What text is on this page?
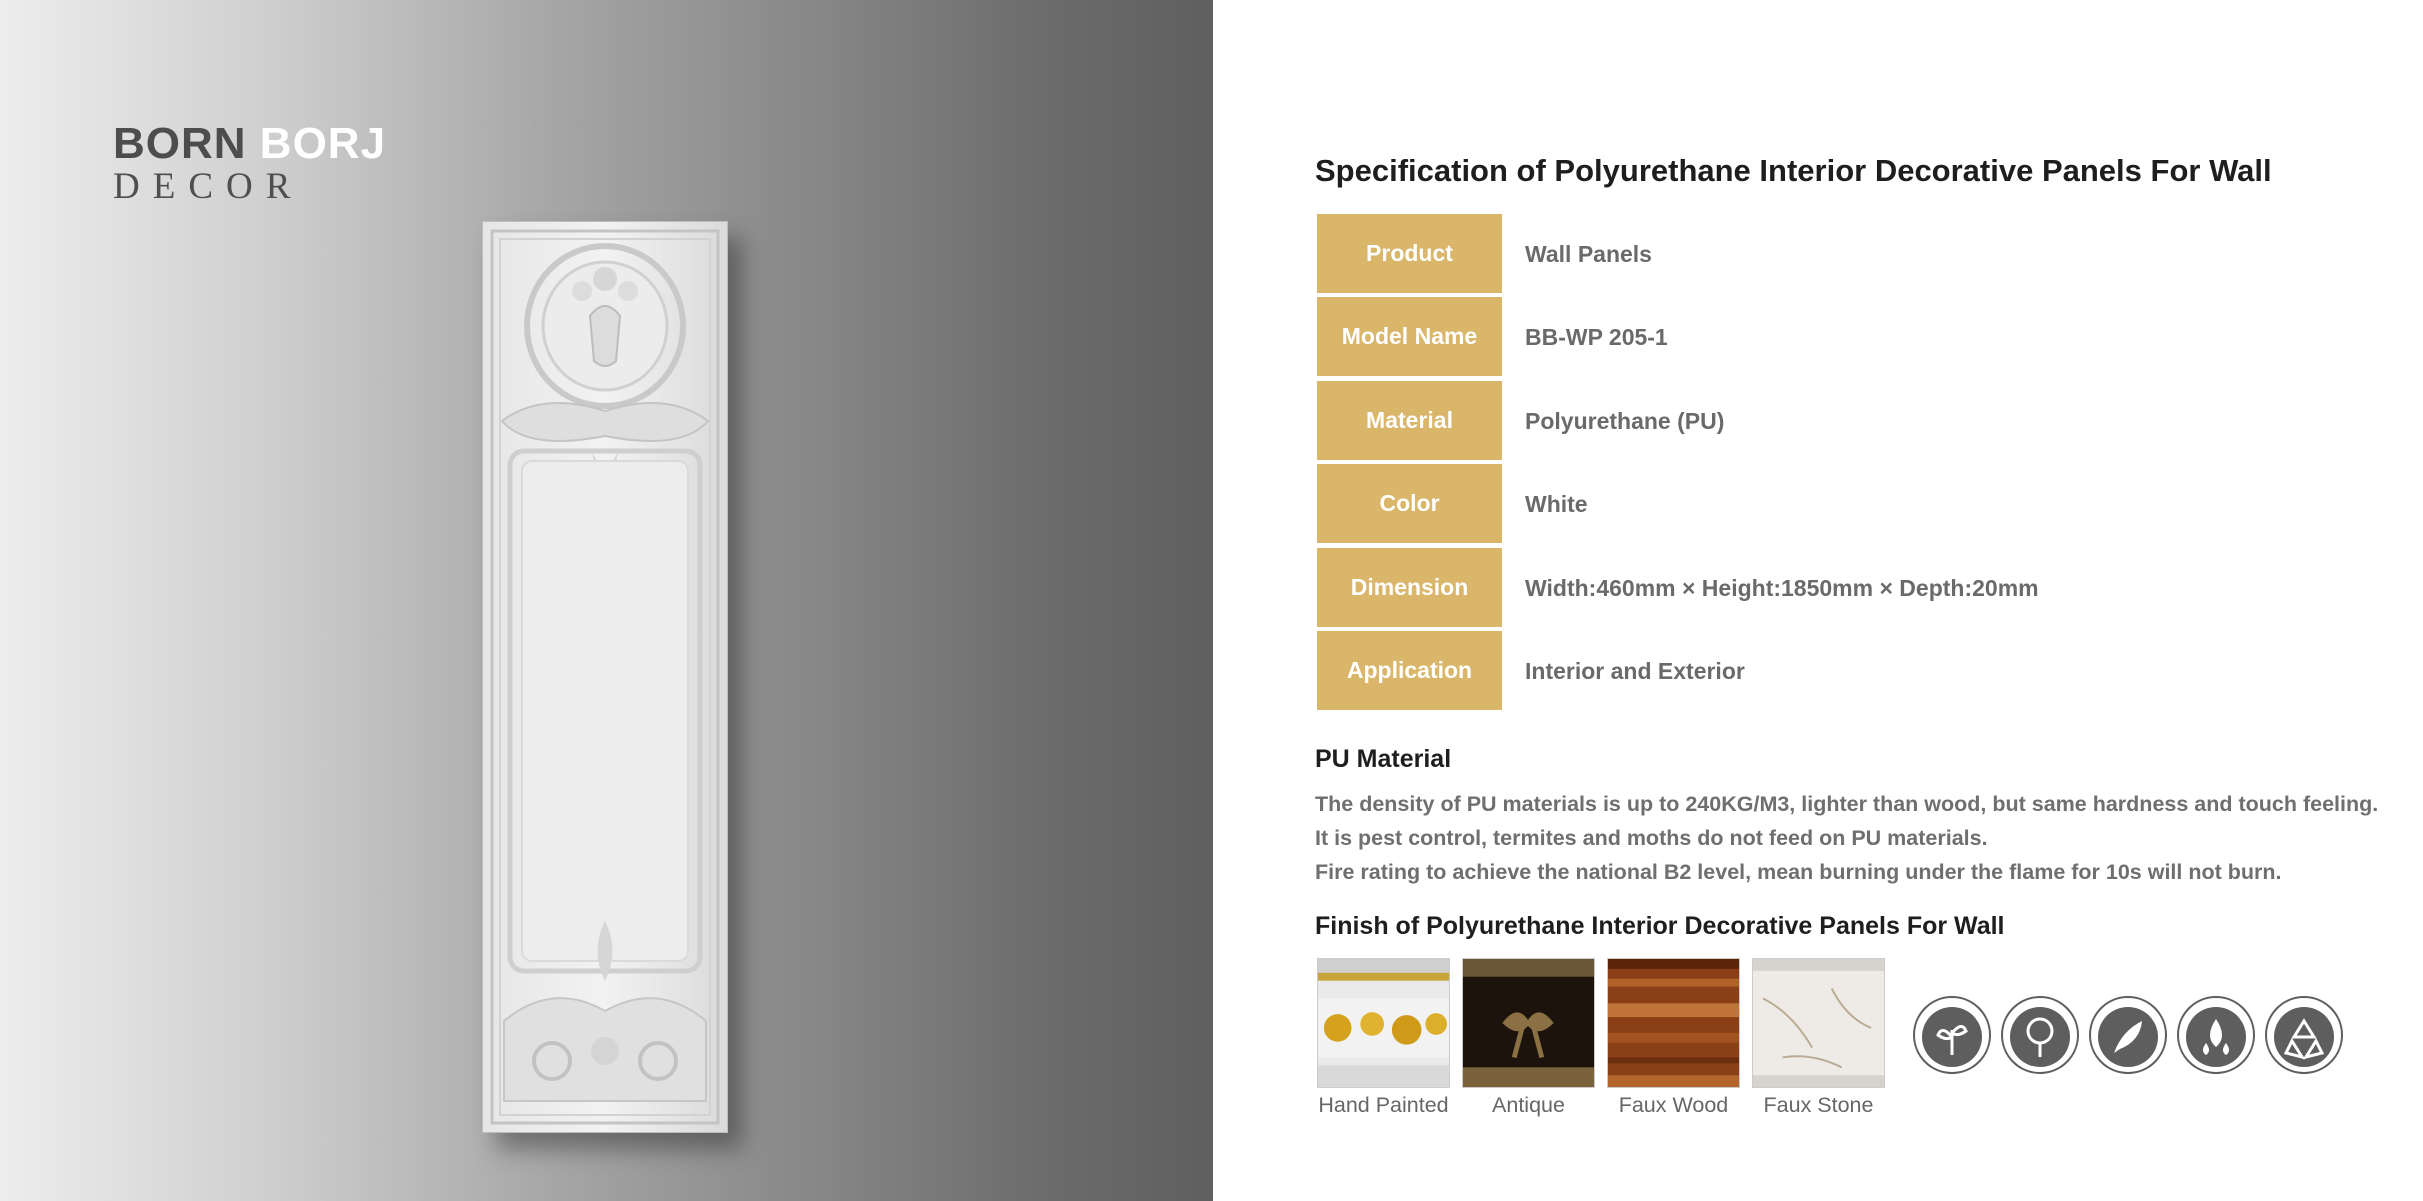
BORN BORJ
DECOR	Specification of Polyurethane Interior Decorative Panels For Wall
Product	Wall Panels
Model Name	BB-WP 205-1
Material	Polyurethane (PU)
Color	White
Dimension	Width:460mm × Height:1850mm × Depth:20mm
Application	Interior and Exterior
PU Material
The density of PU materials is up to 240KG/M3, lighter than wood, but same hardness and touch feeling.
It is pest control, termites and moths do not feed on PU materials.
Fire rating to achieve the national B2 level, mean burning under the flame for 10s will not burn.
Finish of Polyurethane Interior Decorative Panels For Wall
Hand Painted	Antique	Faux Wood	Faux Stone
